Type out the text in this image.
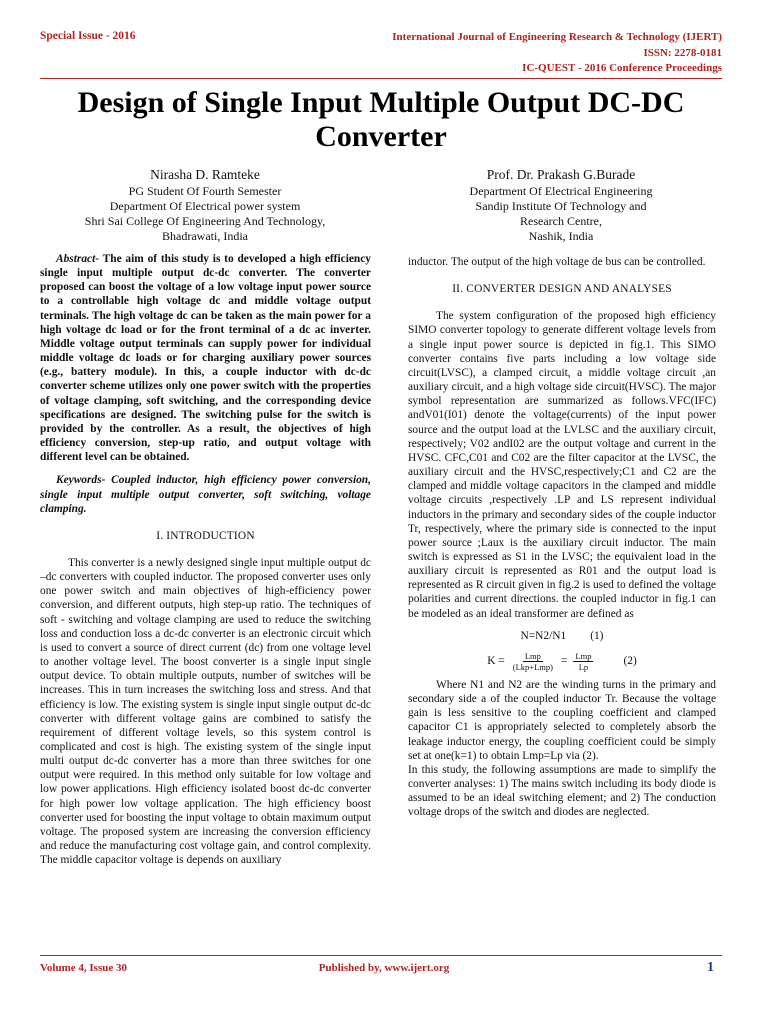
Special Issue - 2016	International Journal of Engineering Research & Technology (IJERT)
ISSN: 2278-0181
IC-QUEST - 2016 Conference Proceedings
Design of Single Input Multiple Output DC-DC
Converter
Nirasha D. Ramteke
PG Student Of Fourth Semester
Department Of Electrical power system
Shri Sai College Of Engineering And Technology,
Bhadrawati, India
Prof. Dr. Prakash G.Burade
Department Of Electrical Engineering
Sandip Institute Of Technology and
Research Centre,
Nashik, India

Abstract- The aim of this study is to developed a high efficiency single input multiple output dc-dc converter. The converter proposed can boost the voltage of a low voltage input power source to a controllable high voltage dc and middle voltage output terminals. The high voltage dc can be taken as the main power for a high voltage dc load or for the front terminal of a dc ac inverter. Middle voltage output terminals can supply power for individual middle voltage dc loads or for charging auxiliary power sources (e.g., battery module). In this, a couple inductor with dc-dc converter scheme utilizes only one power switch with the properties of voltage clamping, soft switching, and the corresponding device specifications are designed. The switching pulse for the switch is provided by the controller. As a result, the objectives of high efficiency conversion, step-up ratio, and output voltage with different level can be obtained.

Keywords- Coupled inductor, high efficiency power conversion, single input multiple output converter, soft switching, voltage clamping.

I. INTRODUCTION

This converter is a newly designed single input multiple output dc –dc converters with coupled inductor. The proposed converter uses only one power switch and main objectives of high-efficiency power conversion, and different outputs, high step-up ratio. The techniques of soft - switching and voltage clamping are used to reduce the switching loss and conduction loss a dc-dc converter is an electronic circuit which is used to convert a source of direct current (dc) from one voltage level to another voltage level. The boost converter is a single input single output device. To obtain multiple outputs, number of switches will be increases. This in turn increases the switching loss and stress. And that efficiency is low. The existing system is single input single output dc-dc converter with different voltage gains are combined to satisfy the requirement of different voltage levels, so this system control is complicated and cost is high. The existing system of the single input multi output dc-dc converter has a more than three switches for one output were required. In this method only suitable for low voltage and low power applications. High efficiency isolated boost dc-dc converter for high power low voltage application. The high efficiency boost converter used for boosting the input voltage to obtain maximum output voltage. The proposed system are increasing the conversion efficiency and reduce the manufacturing cost voltage gain, and control complexity. The middle capacitor voltage is depends on auxiliary

inductor. The output of the high voltage de bus can be controlled.

II. CONVERTER DESIGN AND ANALYSES

The system configuration of the proposed high efficiency SIMO converter topology to generate different voltage levels from a single input power source is depicted in fig.1. This SIMO converter contains five parts including a low voltage side circuit(LVSC), a clamped circuit, a middle voltage circuit ,an auxiliary circuit, and a high voltage side circuit(HVSC). The major symbol representation are summarized as follows.VFC(IFC) andV01(I01) denote the voltage(currents) of the input power source and the output load at the LVLSC and the auxiliary circuit, respectively; V02 andI02 are the output voltage and current in the HVSC. CFC,C01 and C02 are the filter capacitor at the LVSC, the auxiliary circuit and the HVSC,respectively;C1 and C2 are the clamped and middle voltage capacitors in the clamped and middle voltage circuits ,respectively .LP and LS represent individual inductors in the primary and secondary sides of the couple inductor Tr, respectively, where the primary side is connected to the input power source ;Laux is the auxiliary circuit inductor. The main switch is expressed as S1 in the LVSC; the equivalent load in the auxiliary circuit is represented as R01 and the output load is represented as R circuit given in fig.2 is used to defined the voltage polarities and current directions. the coupled inductor in fig.1 can be modeled as an ideal transformer are defined as

N=N2/N1 (1)

$K = \frac{\text{Lmp}}{\text{(Lkp+Lmp)}} = \frac{\text{Lmp}}{Lp}$	(2)

Where N1 and N2 are the winding turns in the primary and secondary side a of the coupled inductor Tr. Because the voltage gain is less sensitive to the coupling coefficient and clamped capacitor C1 is appropriately selected to completely absorb the leakage inductor energy, the coupling coefficient could be simply set at one(k=1) to obtain Lmp=Lp via (2).

In this study, the following assumptions are made to simplify the converter analyses: 1) The mains switch including its body diode is assumed to be an ideal switching element; and 2) The conduction voltage drops of the switch and diodes are neglected.

Volume 4, Issue 30	Published by, www.ijert.org	1
